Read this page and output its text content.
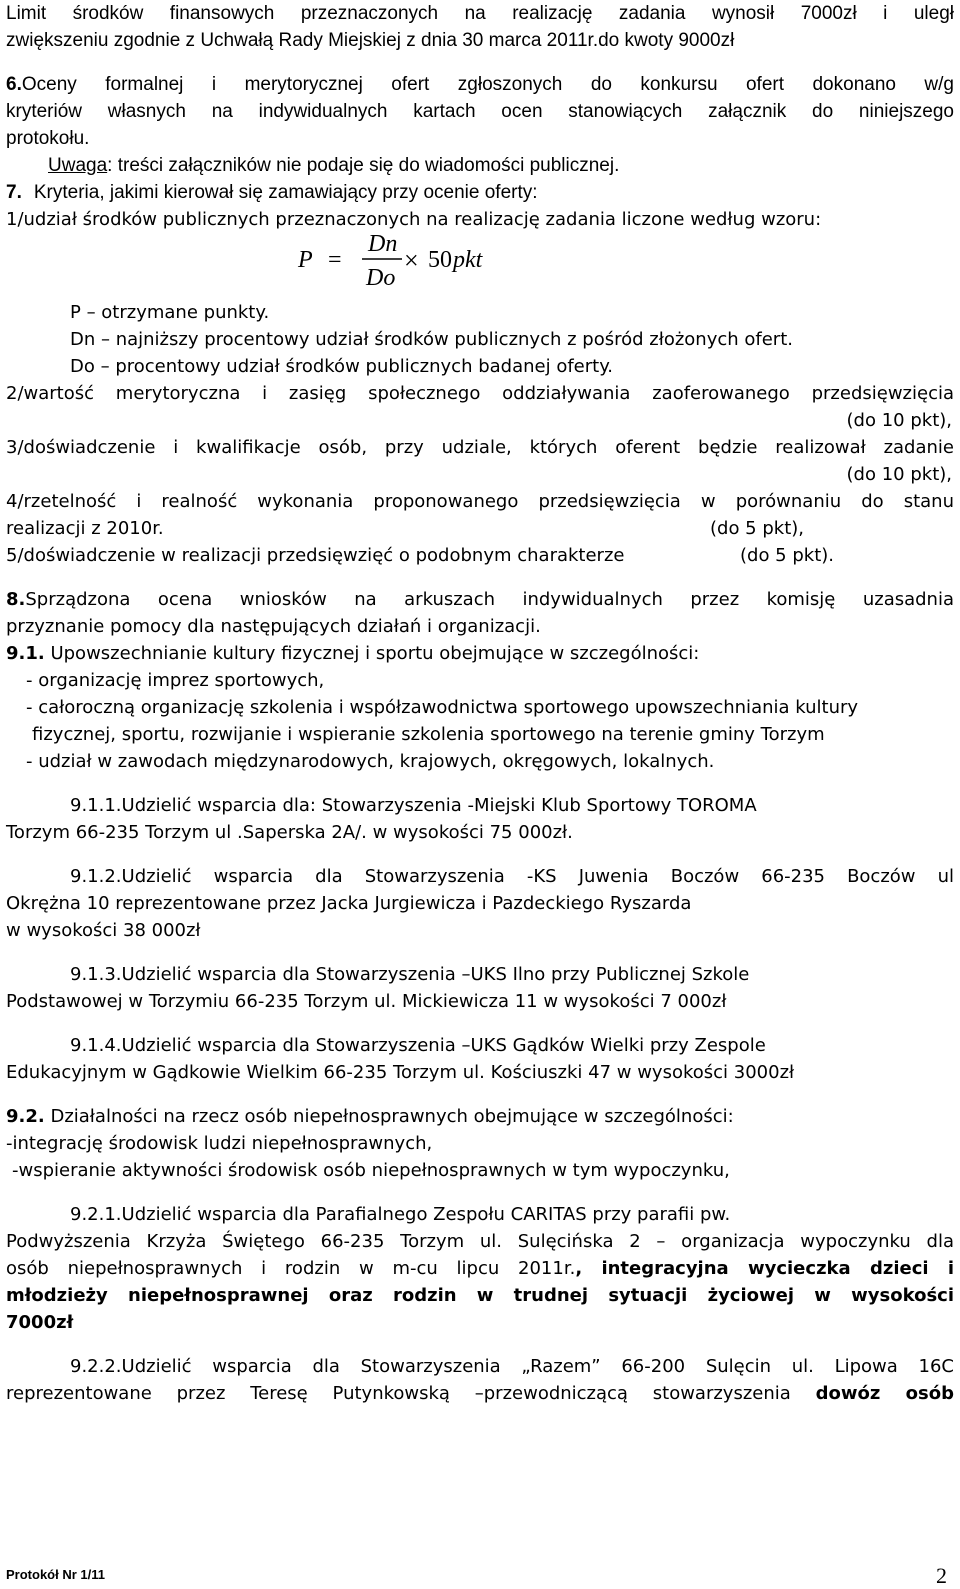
Limit środków finansowych przeznaczonych na realizację zadania wynosił 7000zł i uległ

zwiększeniu zgodnie z Uchwałą Rady Miejskiej z dnia 30 marca 2011r.do kwoty 9000zł

6.Oceny formalnej i merytorycznej ofert zgłoszonych do konkursu ofert dokonano w/g

kryteriów własnych na indywidualnych kartach ocen stanowiących załącznik do niniejszego

protokołu.

Uwaga: treści załączników nie podaje się do wiadomości publicznej.

7. Kryteria, jakimi kierował się zamawiający przy ocenie oferty:

1/udział środków publicznych przeznaczonych na realizację zadania liczone według wzoru:

P =
Dn
Do
× 50 pkt

P – otrzymane punkty.

Dn – najniższy procentowy udział środków publicznych z pośród złożonych ofert.

Do – procentowy udział środków publicznych badanej oferty.

2/wartość merytoryczna i zasięg społecznego oddziaływania zaoferowanego przedsięwzięcia

(do 10 pkt),

3/doświadczenie i kwalifikacje osób, przy udziale, których oferent będzie realizował zadanie

(do 10 pkt),

4/rzetelność i realność wykonania proponowanego przedsięwzięcia w porównaniu do stanu

realizacji z 2010r.	(do 5 pkt),

5/doświadczenie w realizacji przedsięwzięć o podobnym charakterze	(do 5 pkt).

8.Sprządzona ocena wniosków na arkuszach indywidualnych przez komisję uzasadnia

przyznanie pomocy dla następujących działań i organizacji.

9.1. Upowszechnianie kultury fizycznej i sportu obejmujące w szczególności:

- organizację imprez sportowych,

- całoroczną organizację szkolenia i współzawodnictwa sportowego upowszechniania kultury

fizycznej, sportu, rozwijanie i wspieranie szkolenia sportowego na terenie gminy Torzym

- udział w zawodach międzynarodowych, krajowych, okręgowych, lokalnych.

9.1.1.Udzielić wsparcia dla: Stowarzyszenia -Miejski Klub Sportowy TOROMA

Torzym 66-235 Torzym ul .Saperska 2A/. w wysokości 75 000zł.

9.1.2.Udzielić wsparcia dla Stowarzyszenia -KS Juwenia Boczów 66-235 Boczów ul

Okrężna 10 reprezentowane przez Jacka Jurgiewicza i Pazdeckiego Ryszarda

w wysokości 38 000zł

9.1.3.Udzielić wsparcia dla Stowarzyszenia –UKS Ilno przy Publicznej Szkole

Podstawowej w Torzymiu 66-235 Torzym ul. Mickiewicza 11 w wysokości 7 000zł

9.1.4.Udzielić wsparcia dla Stowarzyszenia –UKS Gądków Wielki przy Zespole

Edukacyjnym w Gądkowie Wielkim 66-235 Torzym ul. Kościuszki 47 w wysokości 3000zł

9.2. Działalności na rzecz osób niepełnosprawnych obejmujące w szczególności:

-integrację środowisk ludzi niepełnosprawnych,

-wspieranie aktywności środowisk osób niepełnosprawnych w tym wypoczynku,

9.2.1.Udzielić wsparcia dla Parafialnego Zespołu CARITAS przy parafii pw.

Podwyższenia Krzyża Świętego 66-235 Torzym ul. Sulęcińska 2 – organizacja wypoczynku dla

osób niepełnosprawnych i rodzin w m-cu lipcu 2011r., integracyjna wycieczka dzieci i

młodzieży niepełnosprawnej oraz rodzin w trudnej sytuacji życiowej w wysokości

7000zł

9.2.2.Udzielić wsparcia dla Stowarzyszenia „Razem” 66-200 Sulęcin ul. Lipowa 16C

reprezentowane przez Teresę Putynkowską –przewodniczącą stowarzyszenia dowóz osób

Protokół Nr 1/11	2
